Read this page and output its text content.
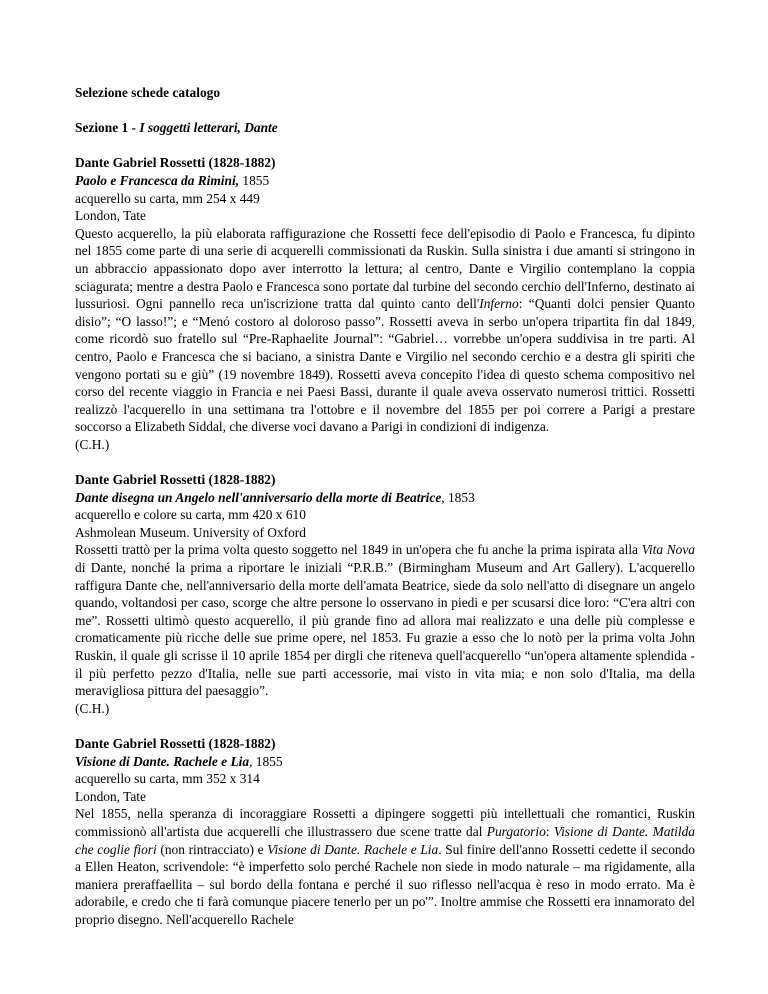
Selezione schede catalogo

Sezione 1 - I soggetti letterari, Dante

Dante Gabriel Rossetti (1828-1882)

Paolo e Francesca da Rimini, 1855

acquerello su carta, mm 254 x 449

London, Tate

Questo acquerello, la più elaborata raffigurazione che Rossetti fece dell'episodio di Paolo e Francesca, fu dipinto nel 1855 come parte di una serie di acquerelli commissionati da Ruskin. Sulla sinistra i due amanti si stringono in un abbraccio appassionato dopo aver interrotto la lettura; al centro, Dante e Virgilio contemplano la coppia sciagurata; mentre a destra Paolo e Francesca sono portate dal turbine del secondo cerchio dell'Inferno, destinato ai lussuriosi. Ogni pannello reca un'iscrizione tratta dal quinto canto dell'Inferno: “Quanti dolci pensier Quanto disio”; “O lasso!”; e “Menó costoro al doloroso passo”. Rossetti aveva in serbo un'opera tripartita fin dal 1849, come ricordò suo fratello sul “Pre-Raphaelite Journal”: “Gabriel… vorrebbe un'opera suddivisa in tre parti. Al centro, Paolo e Francesca che si baciano, a sinistra Dante e Virgilio nel secondo cerchio e a destra gli spiriti che vengono portati su e giù” (19 novembre 1849). Rossetti aveva concepito l'idea di questo schema compositivo nel corso del recente viaggio in Francia e nei Paesi Bassi, durante il quale aveva osservato numerosi trittici. Rossetti realizzò l'acquerello in una settimana tra l'ottobre e il novembre del 1855 per poi correre a Parigi a prestare soccorso a Elizabeth Siddal, che diverse voci davano a Parigi in condizioni di indigenza.

(C.H.)

Dante Gabriel Rossetti (1828-1882)

Dante disegna un Angelo nell'anniversario della morte di Beatrice, 1853

acquerello e colore su carta, mm 420 x 610

Ashmolean Museum. University of Oxford

Rossetti trattò per la prima volta questo soggetto nel 1849 in un'opera che fu anche la prima ispirata alla Vita Nova di Dante, nonché la prima a riportare le iniziali “P.R.B.” (Birmingham Museum and Art Gallery). L'acquerello raffigura Dante che, nell'anniversario della morte dell'amata Beatrice, siede da solo nell'atto di disegnare un angelo quando, voltandosi per caso, scorge che altre persone lo osservano in piedi e per scusarsi dice loro: “C'era altri con me”. Rossetti ultimò questo acquerello, il più grande fino ad allora mai realizzato e una delle più complesse e cromaticamente più ricche delle sue prime opere, nel 1853. Fu grazie a esso che lo notò per la prima volta John Ruskin, il quale gli scrisse il 10 aprile 1854 per dirgli che riteneva quell'acquerello “un'opera altamente splendida - il più perfetto pezzo d'Italia, nelle sue parti accessorie, mai visto in vita mia; e non solo d'Italia, ma della meravigliosa pittura del paesaggio”.

(C.H.)

Dante Gabriel Rossetti (1828-1882)

Visione di Dante. Rachele e Lia, 1855

acquerello su carta, mm 352 x 314

London, Tate

Nel 1855, nella speranza di incoraggiare Rossetti a dipingere soggetti più intellettuali che romantici, Ruskin commissionò all'artista due acquerelli che illustrassero due scene tratte dal Purgatorio: Visione di Dante. Matilda che coglie fiori (non rintracciato) e Visione di Dante. Rachele e Lia. Sul finire dell'anno Rossetti cedette il secondo a Ellen Heaton, scrivendole: “è imperfetto solo perché Rachele non siede in modo naturale – ma rigidamente, alla maniera preraffaellita – sul bordo della fontana e perché il suo riflesso nell'acqua è reso in modo errato. Ma è adorabile, e credo che ti farà comunque piacere tenerlo per un po'”. Inoltre ammise che Rossetti era innamorato del proprio disegno. Nell'acquerello Rachele
